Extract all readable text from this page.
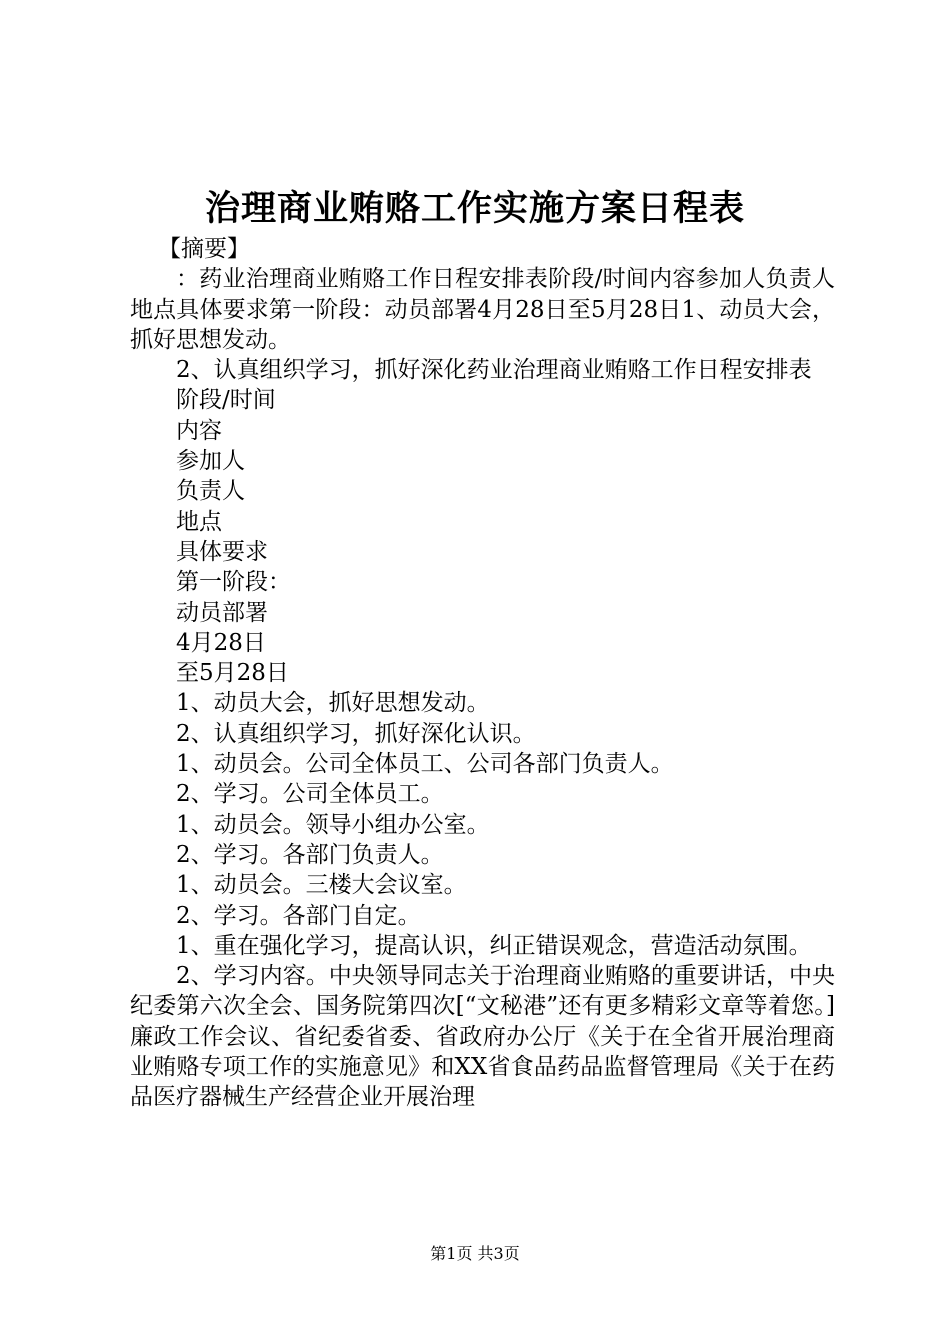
治理商业贿赂工作实施方案日程表

【摘要】

：药业治理商业贿赂工作日程安排表阶段/时间内容参加人负责人地点具体要求第一阶段：动员部署4月28日至5月28日1、动员大会，抓好思想发动。

2、认真组织学习，抓好深化药业治理商业贿赂工作日程安排表

阶段/时间

内容

参加人

负责人

地点

具体要求

第一阶段：

动员部署

4月28日

至5月28日

1、动员大会，抓好思想发动。

2、认真组织学习，抓好深化认识。

1、动员会。公司全体员工、公司各部门负责人。

2、学习。公司全体员工。

1、动员会。领导小组办公室。

2、学习。各部门负责人。

1、动员会。三楼大会议室。

2、学习。各部门自定。

1、重在强化学习，提高认识，纠正错误观念，营造活动氛围。

2、学习内容。中央领导同志关于治理商业贿赂的重要讲话，中央纪委第六次全会、国务院第四次[“文秘港”还有更多精彩文章等着您。]廉政工作会议、省纪委省委、省政府办公厅《关于在全省开展治理商业贿赂专项工作的实施意见》和XX省食品药品监督管理局《关于在药品医疗器械生产经营企业开展治理

第1页 共3页
